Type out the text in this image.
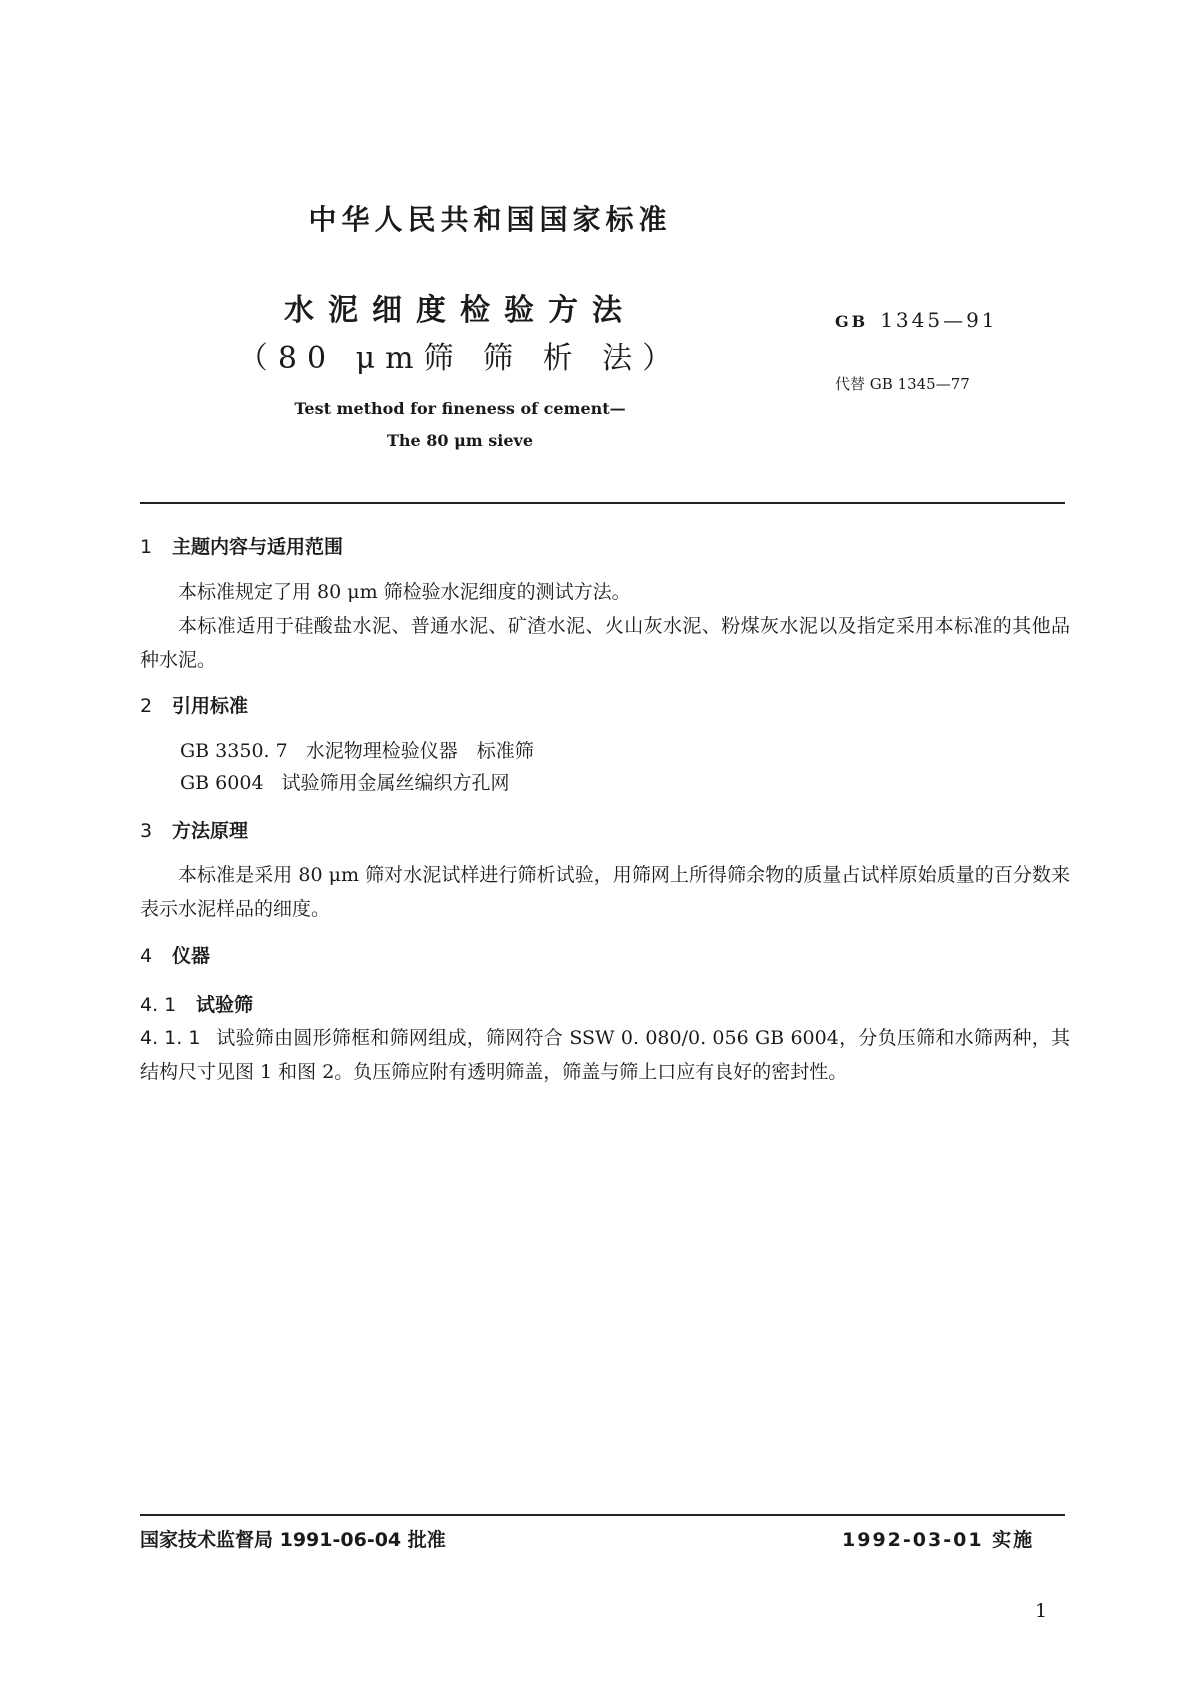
中华人民共和国国家标准
水泥细度检验方法
（80 μm筛 筛 析 法）
Test method for fineness of cement—
The 80 μm sieve
GB 1345—91
代替 GB 1345—77
1 主题内容与适用范围
本标准规定了用 80 μm 筛检验水泥细度的测试方法。
本标准适用于硅酸盐水泥、普通水泥、矿渣水泥、火山灰水泥、粉煤灰水泥以及指定采用本标准的其他品种水泥。
2 引用标准
GB 3350. 7 水泥物理检验仪器　标准筛
GB 6004 试验筛用金属丝编织方孔网
3 方法原理
本标准是采用 80 μm 筛对水泥试样进行筛析试验，用筛网上所得筛余物的质量占试样原始质量的百分数来表示水泥样品的细度。
4 仪器
4. 1 试验筛
4. 1. 1 试验筛由圆形筛框和筛网组成，筛网符合 SSW 0. 080/0. 056 GB 6004，分负压筛和水筛两种，其结构尺寸见图 1 和图 2。负压筛应附有透明筛盖，筛盖与筛上口应有良好的密封性。
国家技术监督局 1991-06-04 批准	1992-03-01 实施
1
